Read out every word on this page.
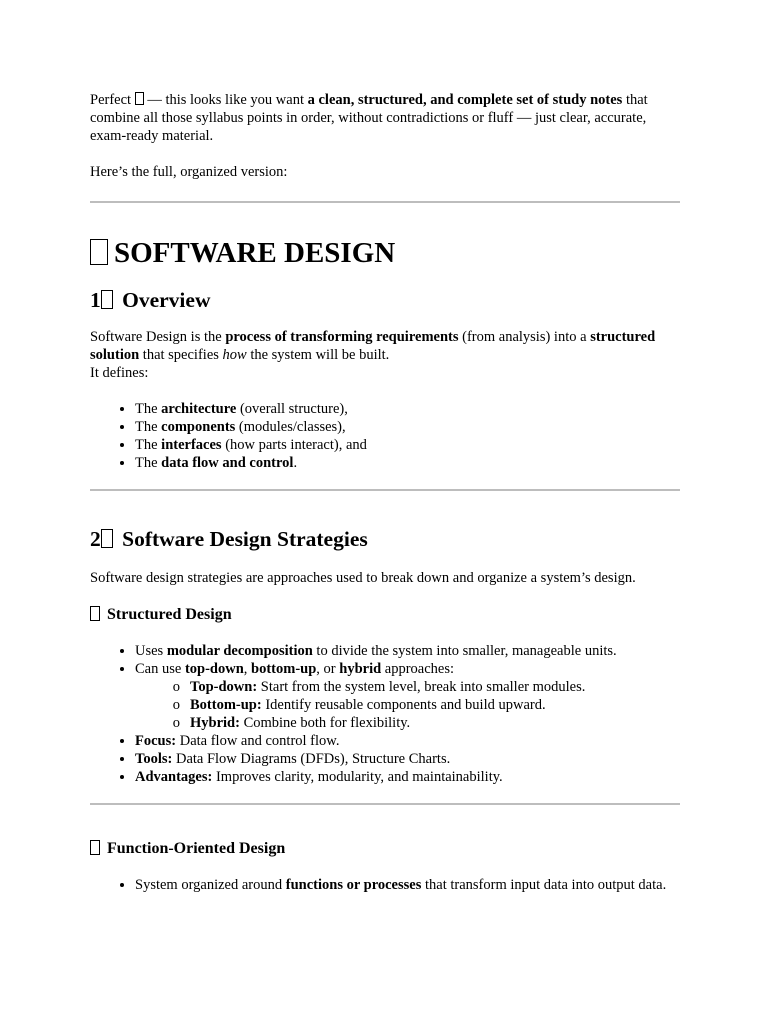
Perfect  — this looks like you want a clean, structured, and complete set of study notes that combine all those syllabus points in order, without contradictions or fluff — just clear, accurate, exam-ready material.

Here’s the full, organized version:

SOFTWARE DESIGN
1 Overview

Software Design is the process of transforming requirements (from analysis) into a structured solution that specifies how the system will be built.
It defines:

• The architecture (overall structure),
• The components (modules/classes),
• The interfaces (how parts interact), and
• The data flow and control.
2 Software Design Strategies

Software design strategies are approaches used to break down and organize a system’s design.

Structured Design
• Uses modular decomposition to divide the system into smaller, manageable units.
• Can use top-down, bottom-up, or hybrid approaches:
o Top-down: Start from the system level, break into smaller modules.
o Bottom-up: Identify reusable components and build upward.
o Hybrid: Combine both for flexibility.
• Focus: Data flow and control flow.
• Tools: Data Flow Diagrams (DFDs), Structure Charts.
• Advantages: Improves clarity, modularity, and maintainability.
Function-Oriented Design
• System organized around functions or processes that transform input data into output data.
